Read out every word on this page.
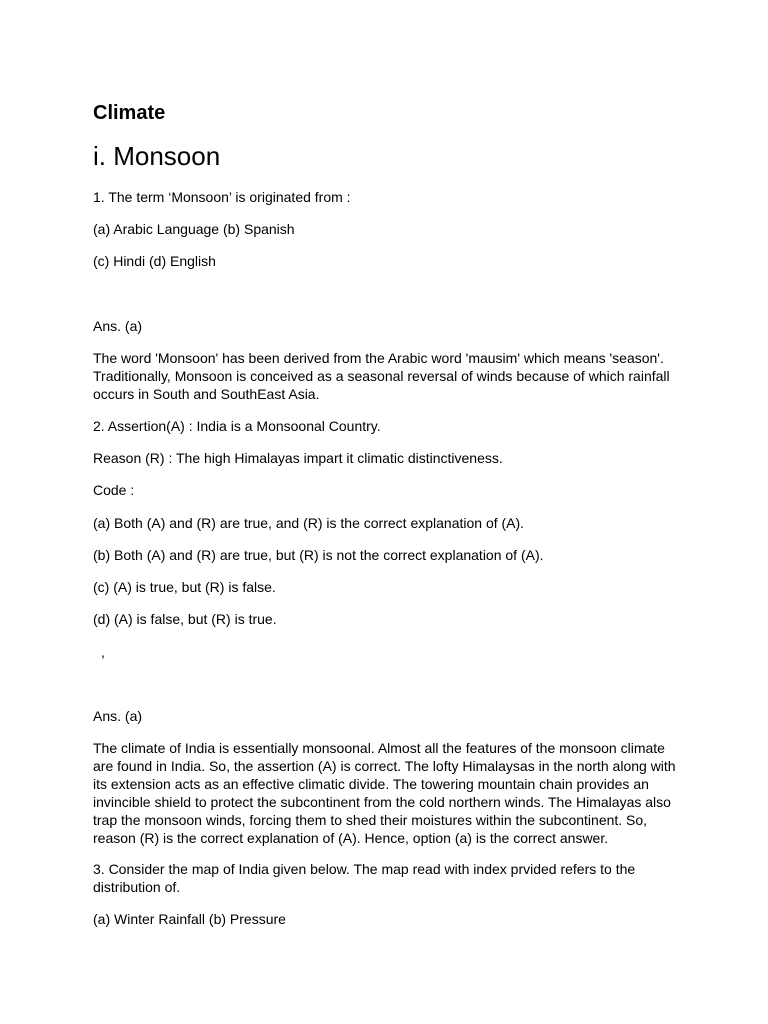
Climate
i. Monsoon

1. The term ‘Monsoon’ is originated from :

(a) Arabic Language (b) Spanish

(c) Hindi (d) English

Ans. (a)

The word 'Monsoon' has been derived from the Arabic word 'mausim' which means 'season'. Traditionally, Monsoon is conceived as a seasonal reversal of winds because of which rainfall occurs in South and SouthEast Asia.

2. Assertion(A) : India is a Monsoonal Country.

Reason (R) : The high Himalayas impart it climatic distinctiveness.

Code :

(a) Both (A) and (R) are true, and (R) is the correct explanation of (A).

(b) Both (A) and (R) are true, but (R) is not the correct explanation of (A).

(c) (A) is true, but (R) is false.

(d) (A) is false, but (R) is true.

,

Ans. (a)

The climate of India is essentially monsoonal. Almost all the features of the monsoon climate are found in India. So, the assertion (A) is correct. The lofty Himalaysas in the north along with its extension acts as an effective climatic divide. The towering mountain chain provides an invincible shield to protect the subcontinent from the cold northern winds. The Himalayas also trap the monsoon winds, forcing them to shed their moistures within the subcontinent. So, reason (R) is the correct explanation of (A). Hence, option (a) is the correct answer.

3. Consider the map of India given below. The map read with index prvided refers to the distribution of.

(a) Winter Rainfall (b) Pressure
